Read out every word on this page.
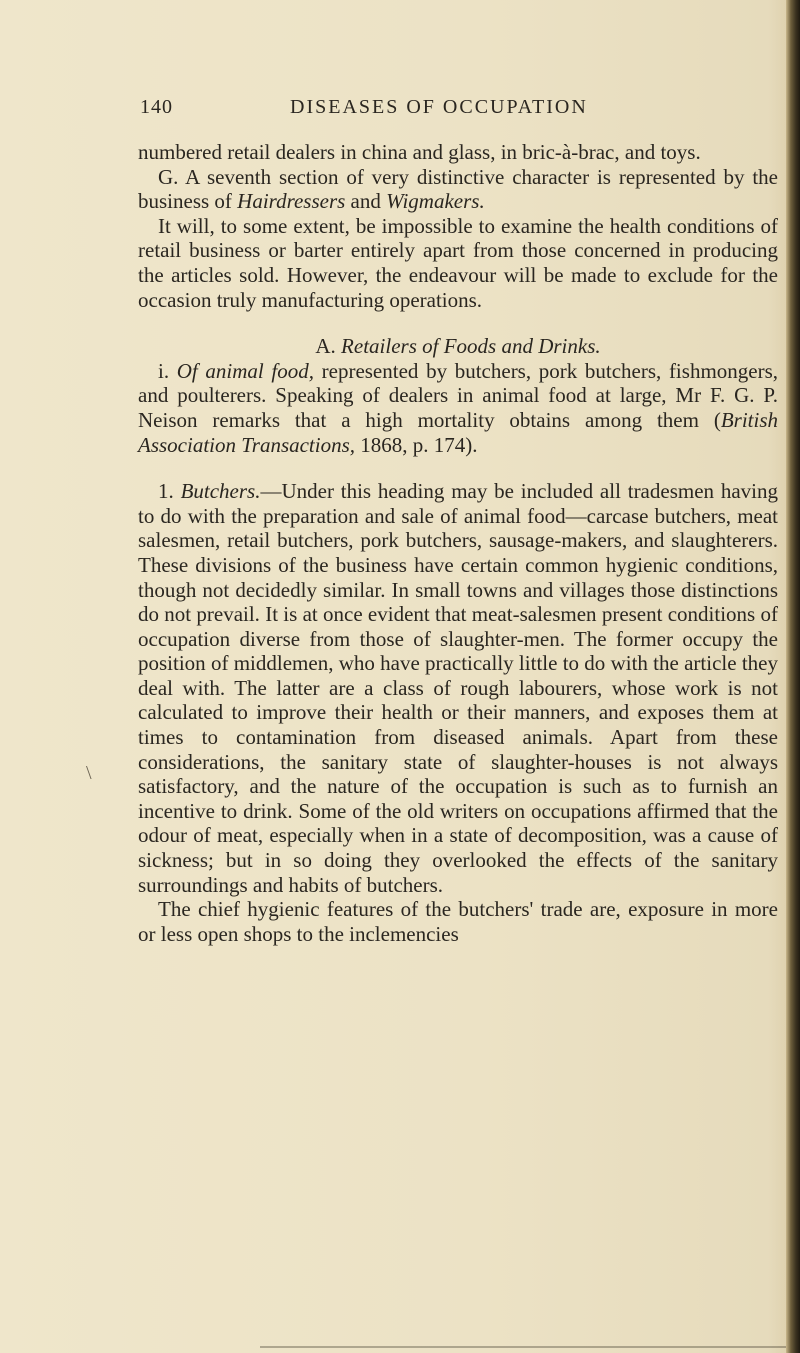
140	DISEASES OF OCCUPATION
\

numbered retail dealers in china and glass, in bric-à-brac, and toys.

G. A seventh section of very distinctive character is represented by the business of Hairdressers and Wigmakers.

It will, to some extent, be impossible to examine the health conditions of retail business or barter entirely apart from those concerned in producing the articles sold. However, the endeavour will be made to exclude for the occasion truly manufacturing operations.

A. Retailers of Foods and Drinks.

i. Of animal food, represented by butchers, pork butchers, fishmongers, and poulterers. Speaking of dealers in animal food at large, Mr F. G. P. Neison remarks that a high mortality obtains among them (British Association Transactions, 1868, p. 174).

1. Butchers.—Under this heading may be included all tradesmen having to do with the preparation and sale of animal food—carcase butchers, meat salesmen, retail butchers, pork butchers, sausage-makers, and slaughterers. These divisions of the business have certain common hygienic conditions, though not decidedly similar. In small towns and villages those distinctions do not prevail. It is at once evident that meat-salesmen present conditions of occupation diverse from those of slaughter-men. The former occupy the position of middlemen, who have practically little to do with the article they deal with. The latter are a class of rough labourers, whose work is not calculated to improve their health or their manners, and exposes them at times to contamination from diseased animals. Apart from these considerations, the sanitary state of slaughter-houses is not always satisfactory, and the nature of the occupation is such as to furnish an incentive to drink. Some of the old writers on occupations affirmed that the odour of meat, especially when in a state of decomposition, was a cause of sickness; but in so doing they overlooked the effects of the sanitary surroundings and habits of butchers.

The chief hygienic features of the butchers' trade are, exposure in more or less open shops to the inclemencies
